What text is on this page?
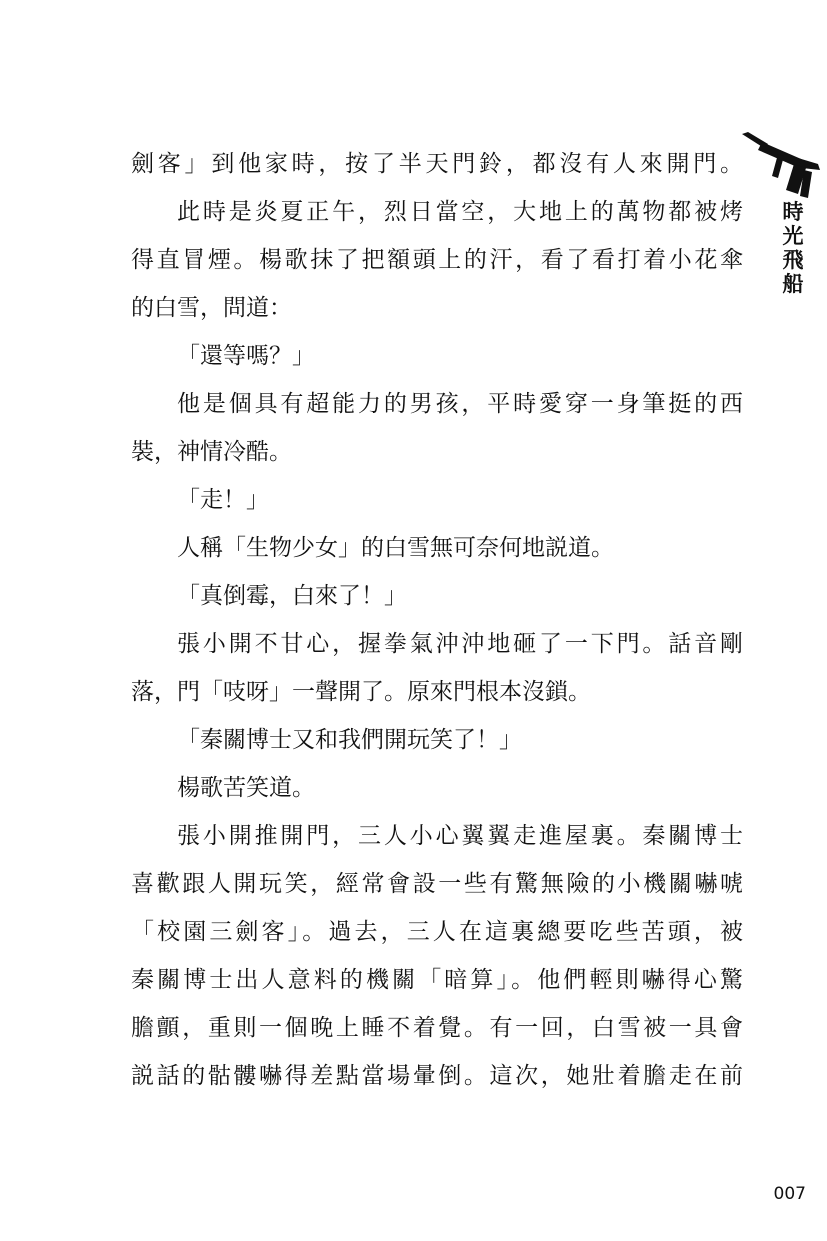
時光飛船
劍客」到他家時，按了半天門鈴，都沒有人來開門。
此時是炎夏正午，烈日當空，大地上的萬物都被烤
得直冒煙。楊歌抹了把額頭上的汗，看了看打着小花傘
的白雪，問道：
「還等嗎？」
他是個具有超能力的男孩，平時愛穿一身筆挺的西
裝，神情冷酷。
「走！」
人稱「生物少女」的白雪無可奈何地説道。
「真倒霉，白來了！」
張小開不甘心，握拳氣沖沖地砸了一下門。話音剛
落，門「吱呀」一聲開了。原來門根本沒鎖。
「秦關博士又和我們開玩笑了！」
楊歌苦笑道。
張小開推開門，三人小心翼翼走進屋裏。秦關博士
喜歡跟人開玩笑，經常會設一些有驚無險的小機關嚇唬
「校園三劍客」。過去，三人在這裏總要吃些苦頭，被
秦關博士出人意料的機關「暗算」。他們輕則嚇得心驚
膽顫，重則一個晚上睡不着覺。有一回，白雪被一具會
説話的骷髏嚇得差點當場暈倒。這次，她壯着膽走在前
007
